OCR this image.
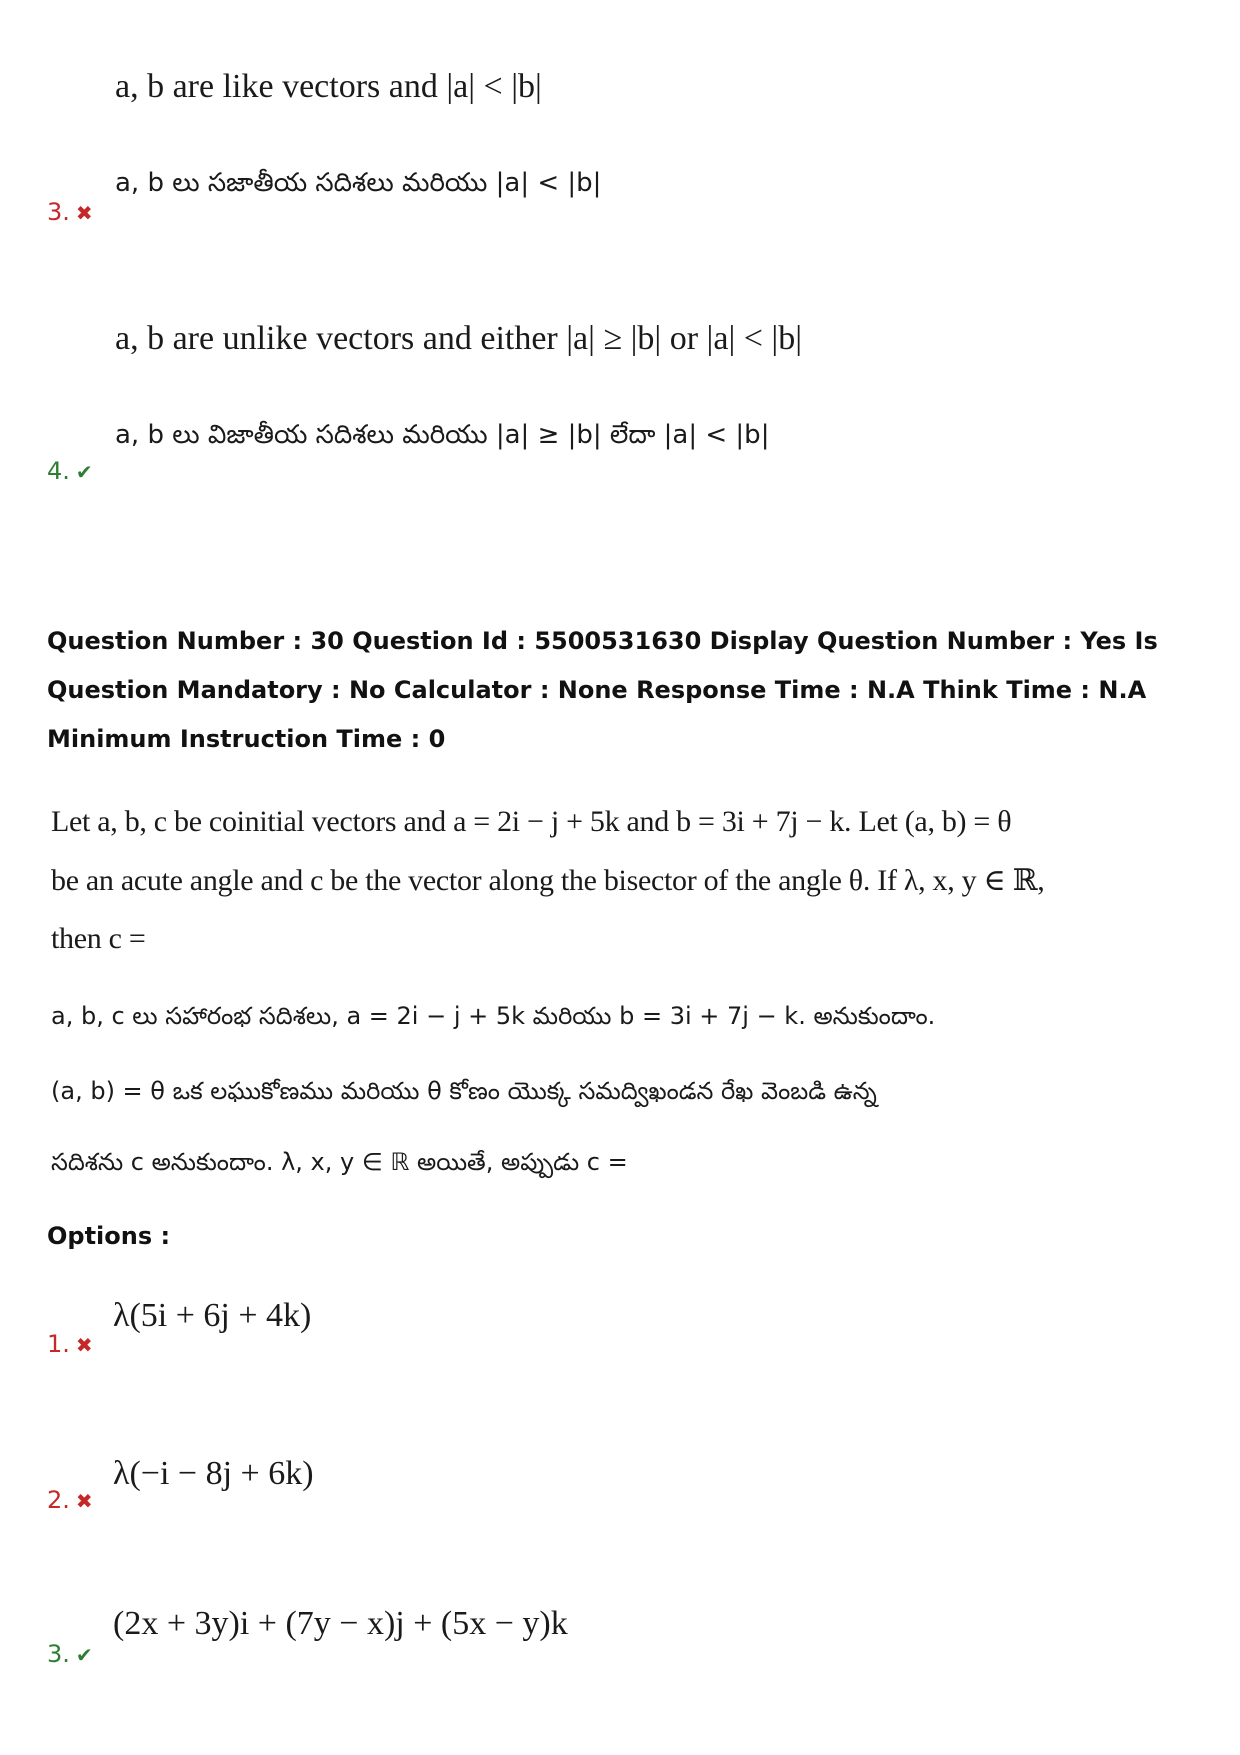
a, b are like vectors and |a| < |b|
a, b లు సజాతీయ సదిశలు మరియు |a| < |b|
3. ✖
a, b are unlike vectors and either |a| ≥ |b| or |a| < |b|
a, b లు విజాతీయ సదిశలు మరియు |a| ≥ |b| లేదా |a| < |b|
4. ✔
Question Number : 30 Question Id : 5500531630 Display Question Number : Yes Is Question Mandatory : No Calculator : None Response Time : N.A Think Time : N.A Minimum Instruction Time : 0
Let a, b, c be coinitial vectors and a = 2i − j + 5k and b = 3i + 7j − k. Let (a, b) = θ
be an acute angle and c be the vector along the bisector of the angle θ. If λ, x, y ∈ ℝ,
then c =
a, b, c లు సహారంభ సదిశలు, a = 2i − j + 5k మరియు b = 3i + 7j − k. అనుకుందాం.
(a, b) = θ ఒక లఘుకోణము మరియు θ కోణం యొక్క సమద్విఖండన రేఖ వెంబడి ఉన్న
సదిశను c అనుకుందాం. λ, x, y ∈ ℝ అయితే, అప్పుడు c =
Options :
λ(5i + 6j + 4k)
1. ✖
λ(−i − 8j + 6k)
2. ✖
(2x + 3y)i + (7y − x)j + (5x − y)k
3. ✔
